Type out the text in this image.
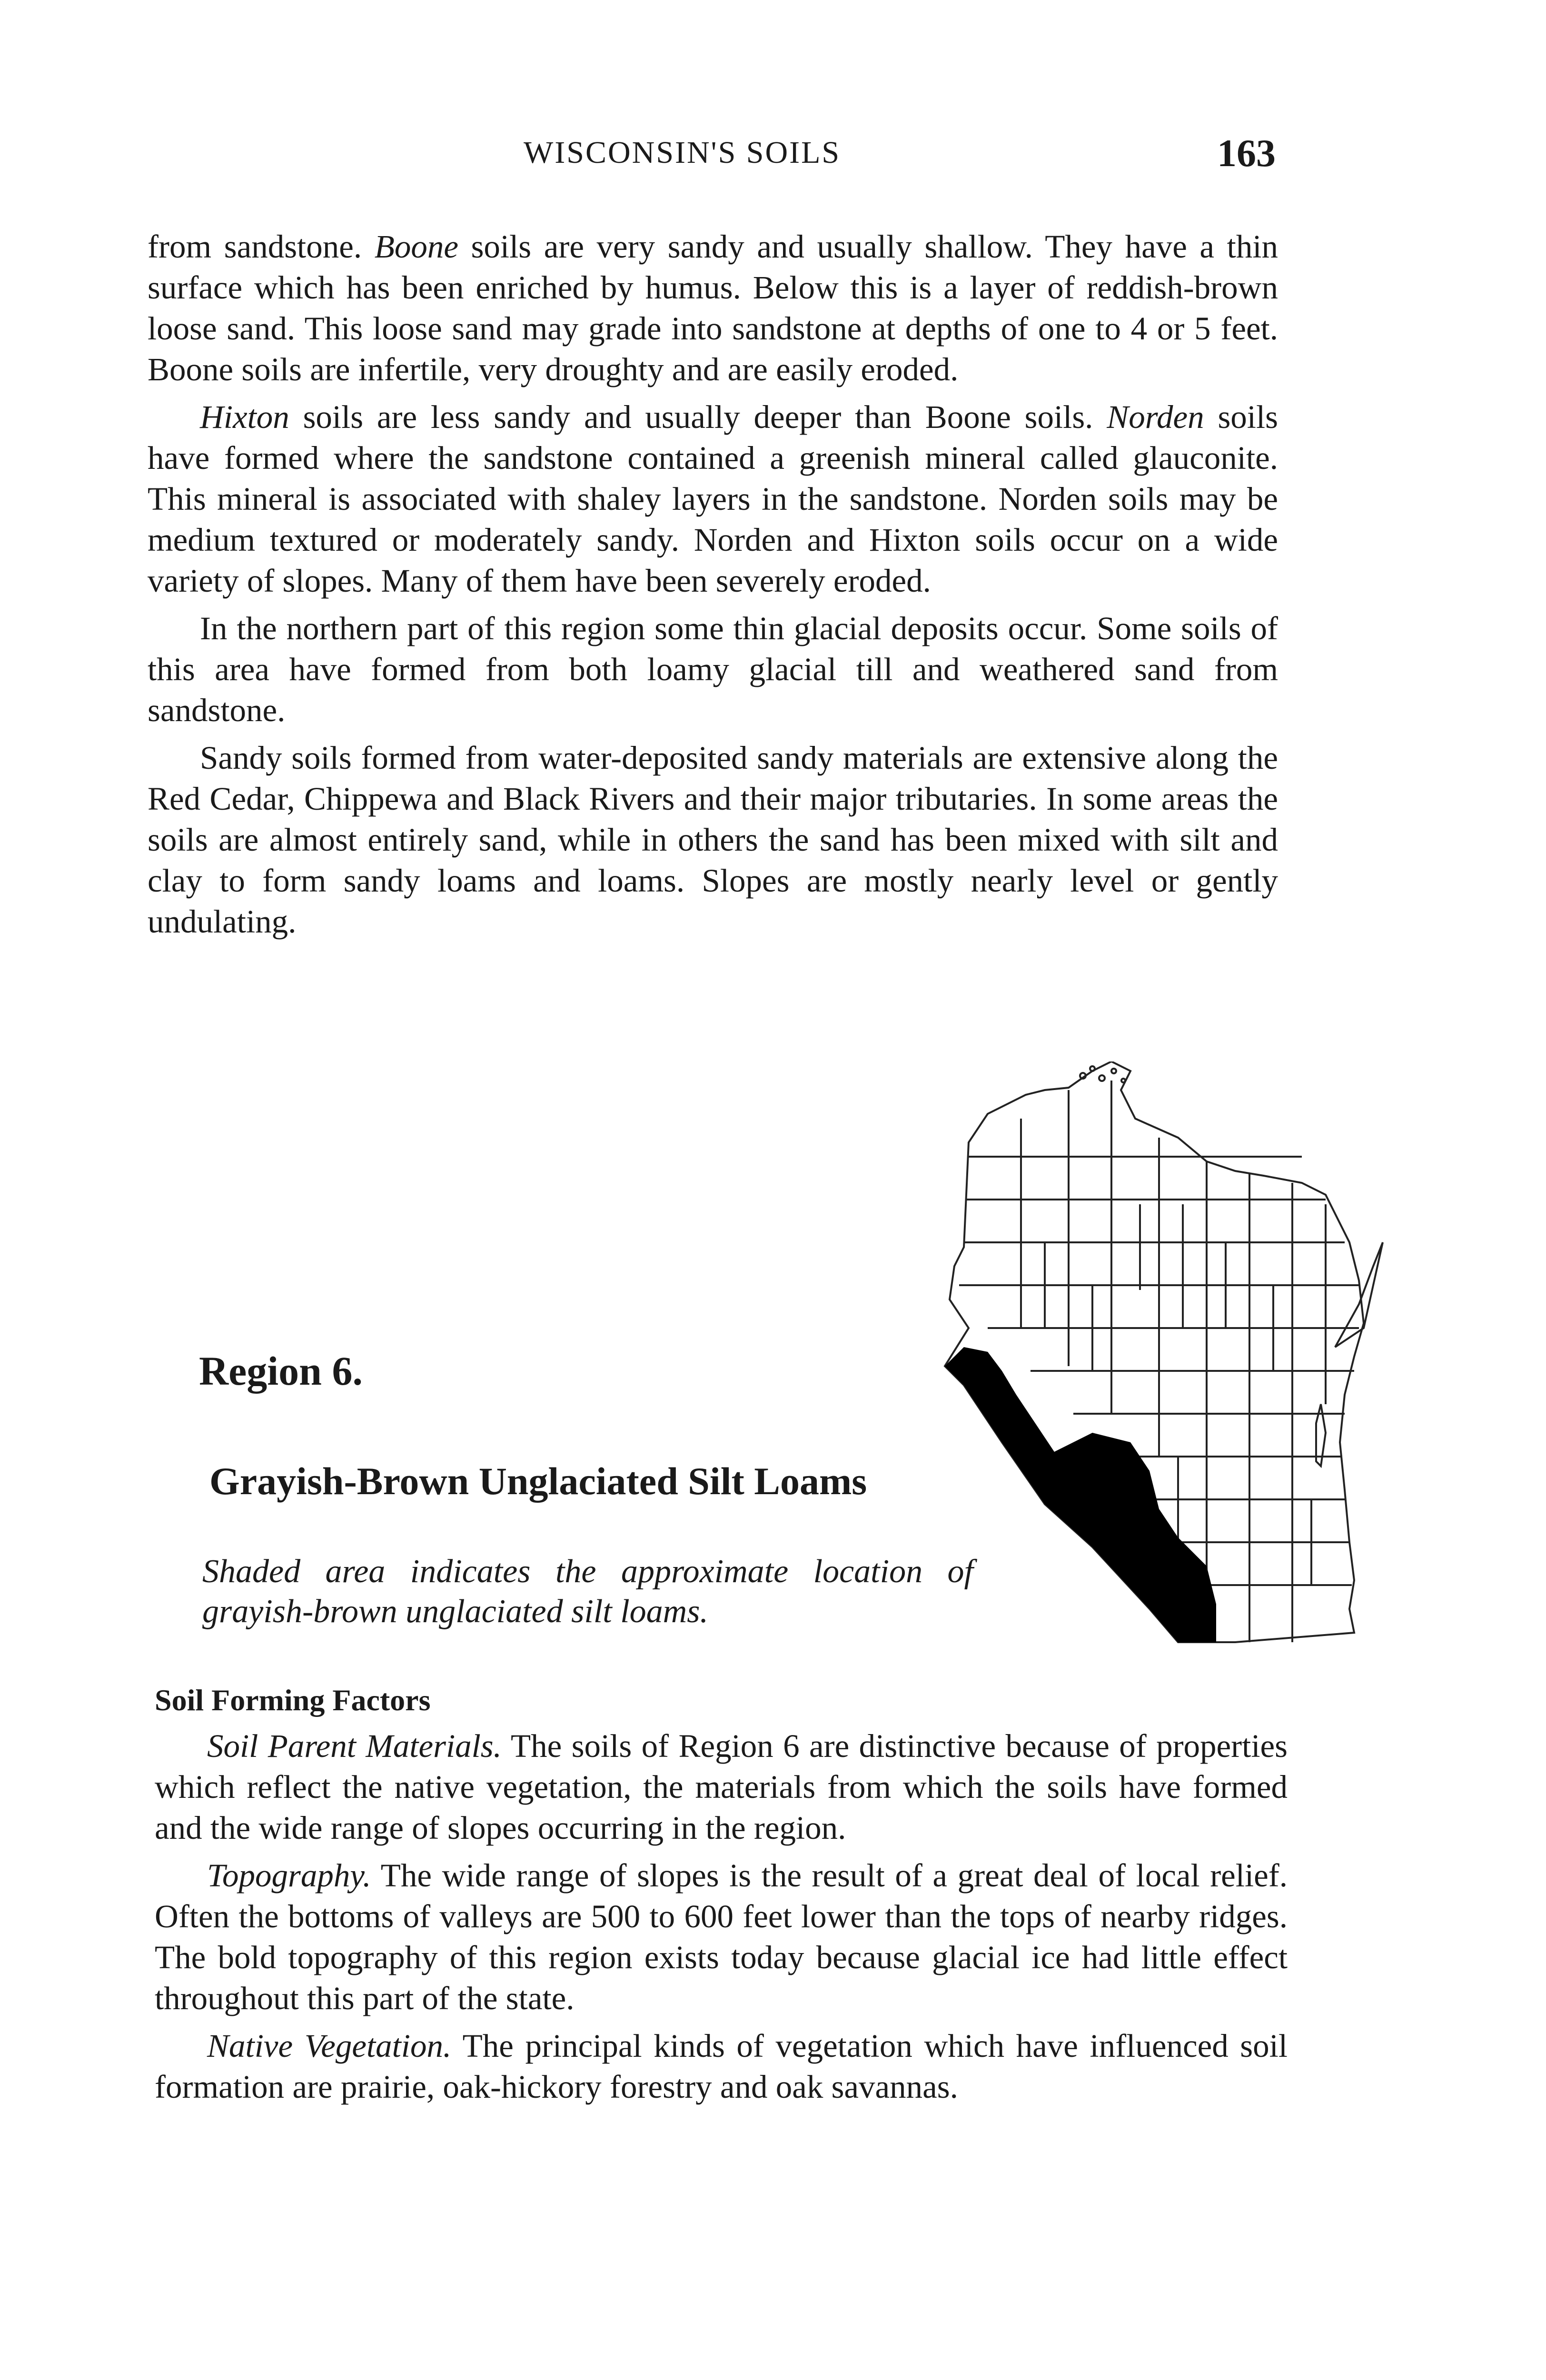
WISCONSIN'S SOILS	163

from sandstone. Boone soils are very sandy and usually shallow. They have a thin surface which has been enriched by humus. Below this is a layer of reddish-brown loose sand. This loose sand may grade into sandstone at depths of one to 4 or 5 feet. Boone soils are infertile, very droughty and are easily eroded.

Hixton soils are less sandy and usually deeper than Boone soils. Norden soils have formed where the sandstone contained a greenish mineral called glauconite. This mineral is associated with shaley layers in the sandstone. Norden soils may be medium textured or moderately sandy. Norden and Hixton soils occur on a wide variety of slopes. Many of them have been severely eroded.

In the northern part of this region some thin glacial deposits occur. Some soils of this area have formed from both loamy glacial till and weathered sand from sandstone.

Sandy soils formed from water-deposited sandy materials are extensive along the Red Cedar, Chippewa and Black Rivers and their major tributaries. In some areas the soils are almost entirely sand, while in others the sand has been mixed with silt and clay to form sandy loams and loams. Slopes are mostly nearly level or gently undulating.

Region 6.
Grayish-Brown Unglaciated Silt Loams
Shaded area indicates the approximate location of grayish-brown unglaciated silt loams.
Soil Forming Factors

Soil Parent Materials. The soils of Region 6 are distinctive because of properties which reflect the native vegetation, the materials from which the soils have formed and the wide range of slopes occurring in the region.

Topography. The wide range of slopes is the result of a great deal of local relief. Often the bottoms of valleys are 500 to 600 feet lower than the tops of nearby ridges. The bold topography of this region exists today because glacial ice had little effect throughout this part of the state.

Native Vegetation. The principal kinds of vegetation which have influenced soil formation are prairie, oak-hickory forestry and oak savannas.
